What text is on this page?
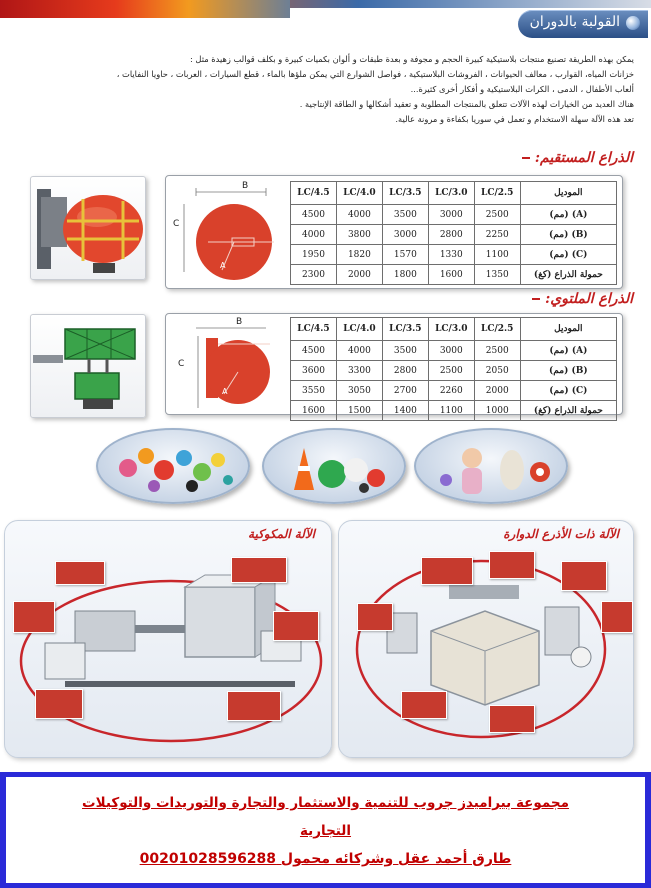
القولبة بالدوران

يمكن بهذه الطريقة تصنيع منتجات بلاستيكية كبيرة الحجم و مجوفة و بعدة طبقات و ألوان بكميات كبيرة و بكلف قوالب زهيدة مثل :

خزانات المياه، القوارب ، معالف الحيوانات ، الفروشات البلاستيكية ، فواصل الشوارع التي يمكن ملؤها بالماء ، قطع السيارات ، العربات ، حاويا النفايات ،

ألعاب الأطفال ، الدمى ، الكرات البلاستيكية و أفكار أخرى كثيرة...

هناك العديد من الخيارات لهذه الآلات تتعلق بالمنتجات المطلوبة و تعقيد أشكالها و الطاقة الإنتاجية .

تعد هذه الآلة سهلة الاستخدام و تعمل في سوريا بكفاءة و مرونة عالية.

الذراع المستقيم:
B
C
A
LC/4.5	LC/4.0	LC/3.5	LC/3.0	LC/2.5	الموديل
4500	4000	3500	3000	2500	(A) (مم)
4000	3800	3000	2800	2250	(B) (مم)
1950	1820	1570	1330	1100	(C) (مم)
2300	2000	1800	1600	1350	حمولة الذراع (كغ)
الذراع الملتوي:
B
C
A
LC/4.5	LC/4.0	LC/3.5	LC/3.0	LC/2.5	الموديل
4500	4000	3500	3000	2500	(A) (مم)
3600	3300	2800	2500	2050	(B) (مم)
3550	3050	2700	2260	2000	(C) (مم)
1600	1500	1400	1100	1000	حمولة الذراع (كغ)
الآلة المكوكية	الآلة ذات الأذرع الدوارة
مجموعة بيراميدز جروب للتنمية والاستثمار والتجارة والتوريدات والتوكيلات
التجارية
طارق أحمد عقل وشركائه محمول 00201028596288
